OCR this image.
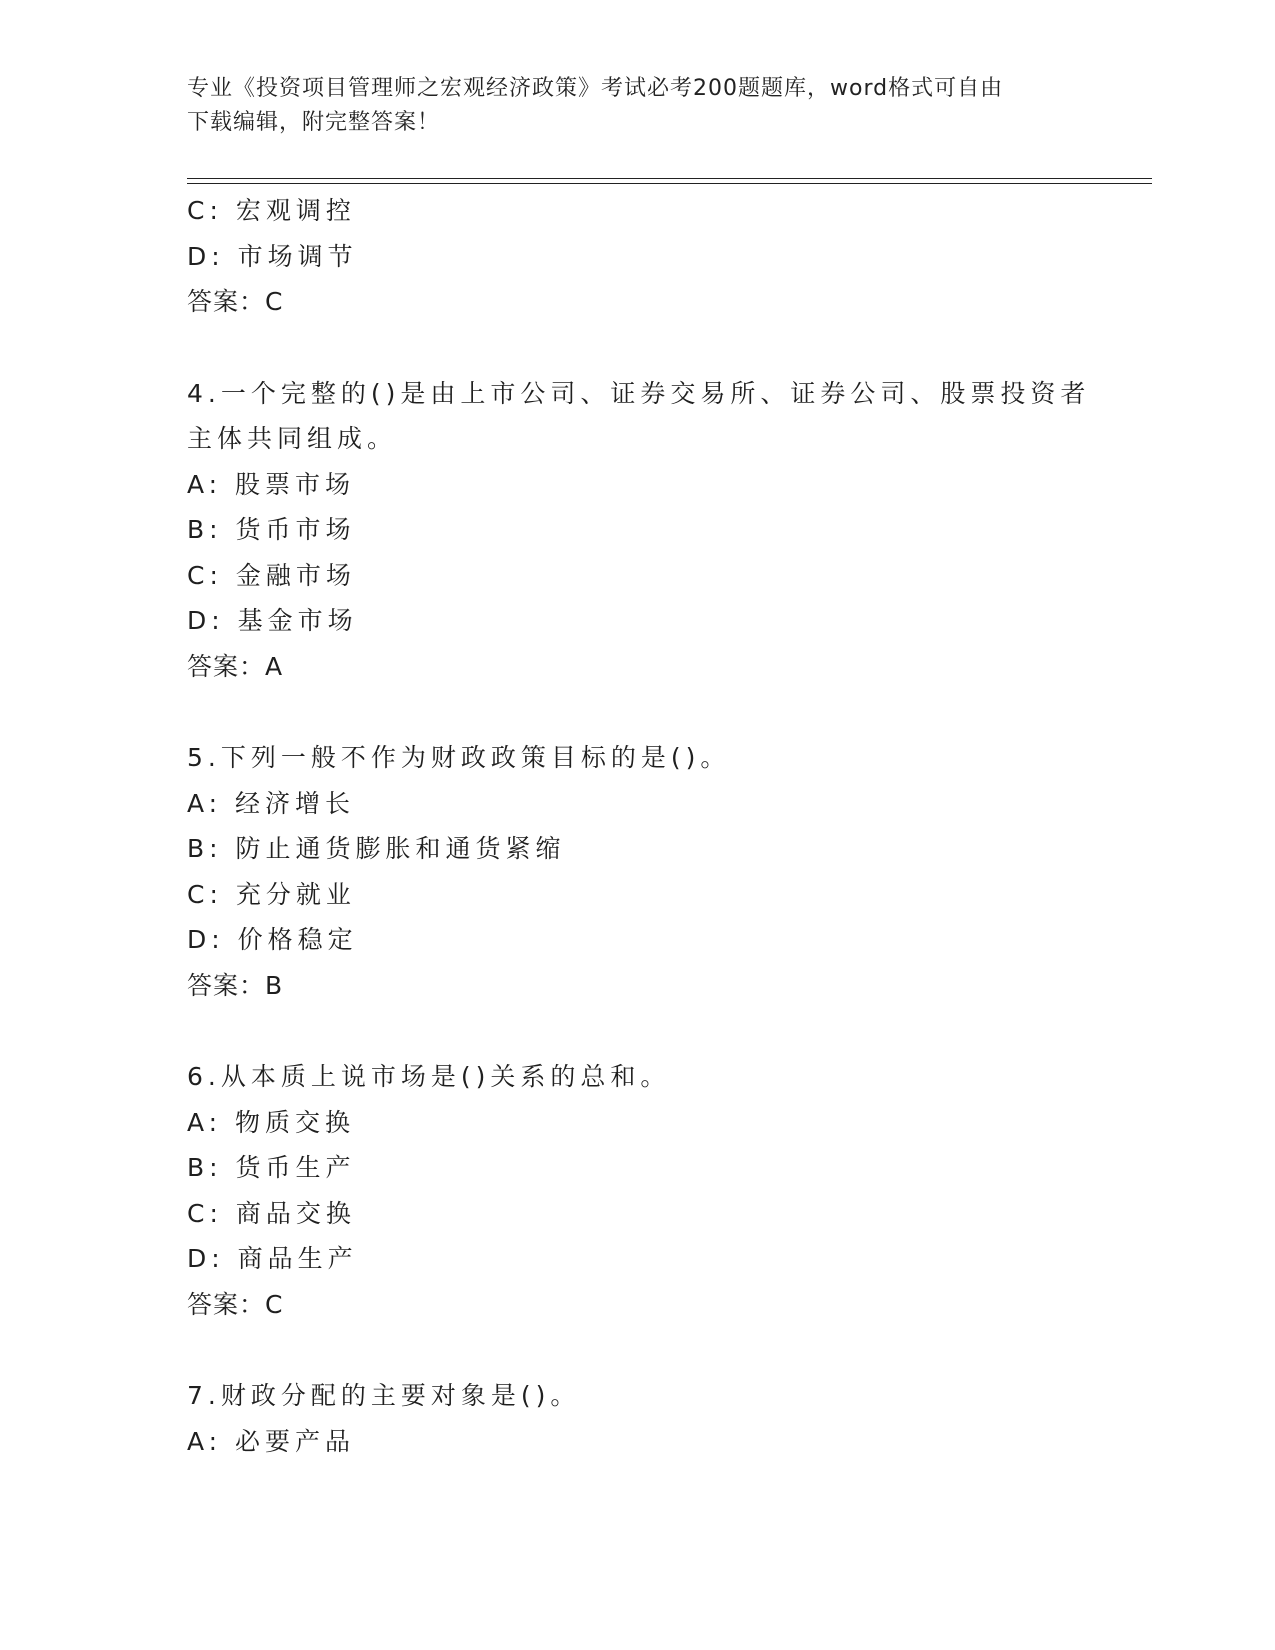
专业《投资项目管理师之宏观经济政策》考试必考200题题库，word格式可自由
下载编辑，附完整答案！
C: 宏观调控
D: 市场调节
答案：C
4.一个完整的()是由上市公司、证券交易所、证券公司、股票投资者
主体共同组成。
A: 股票市场
B: 货币市场
C: 金融市场
D: 基金市场
答案：A
5.下列一般不作为财政政策目标的是()。
A: 经济增长
B: 防止通货膨胀和通货紧缩
C: 充分就业
D: 价格稳定
答案：B
6.从本质上说市场是()关系的总和。
A: 物质交换
B: 货币生产
C: 商品交换
D: 商品生产
答案：C
7.财政分配的主要对象是()。
A: 必要产品
